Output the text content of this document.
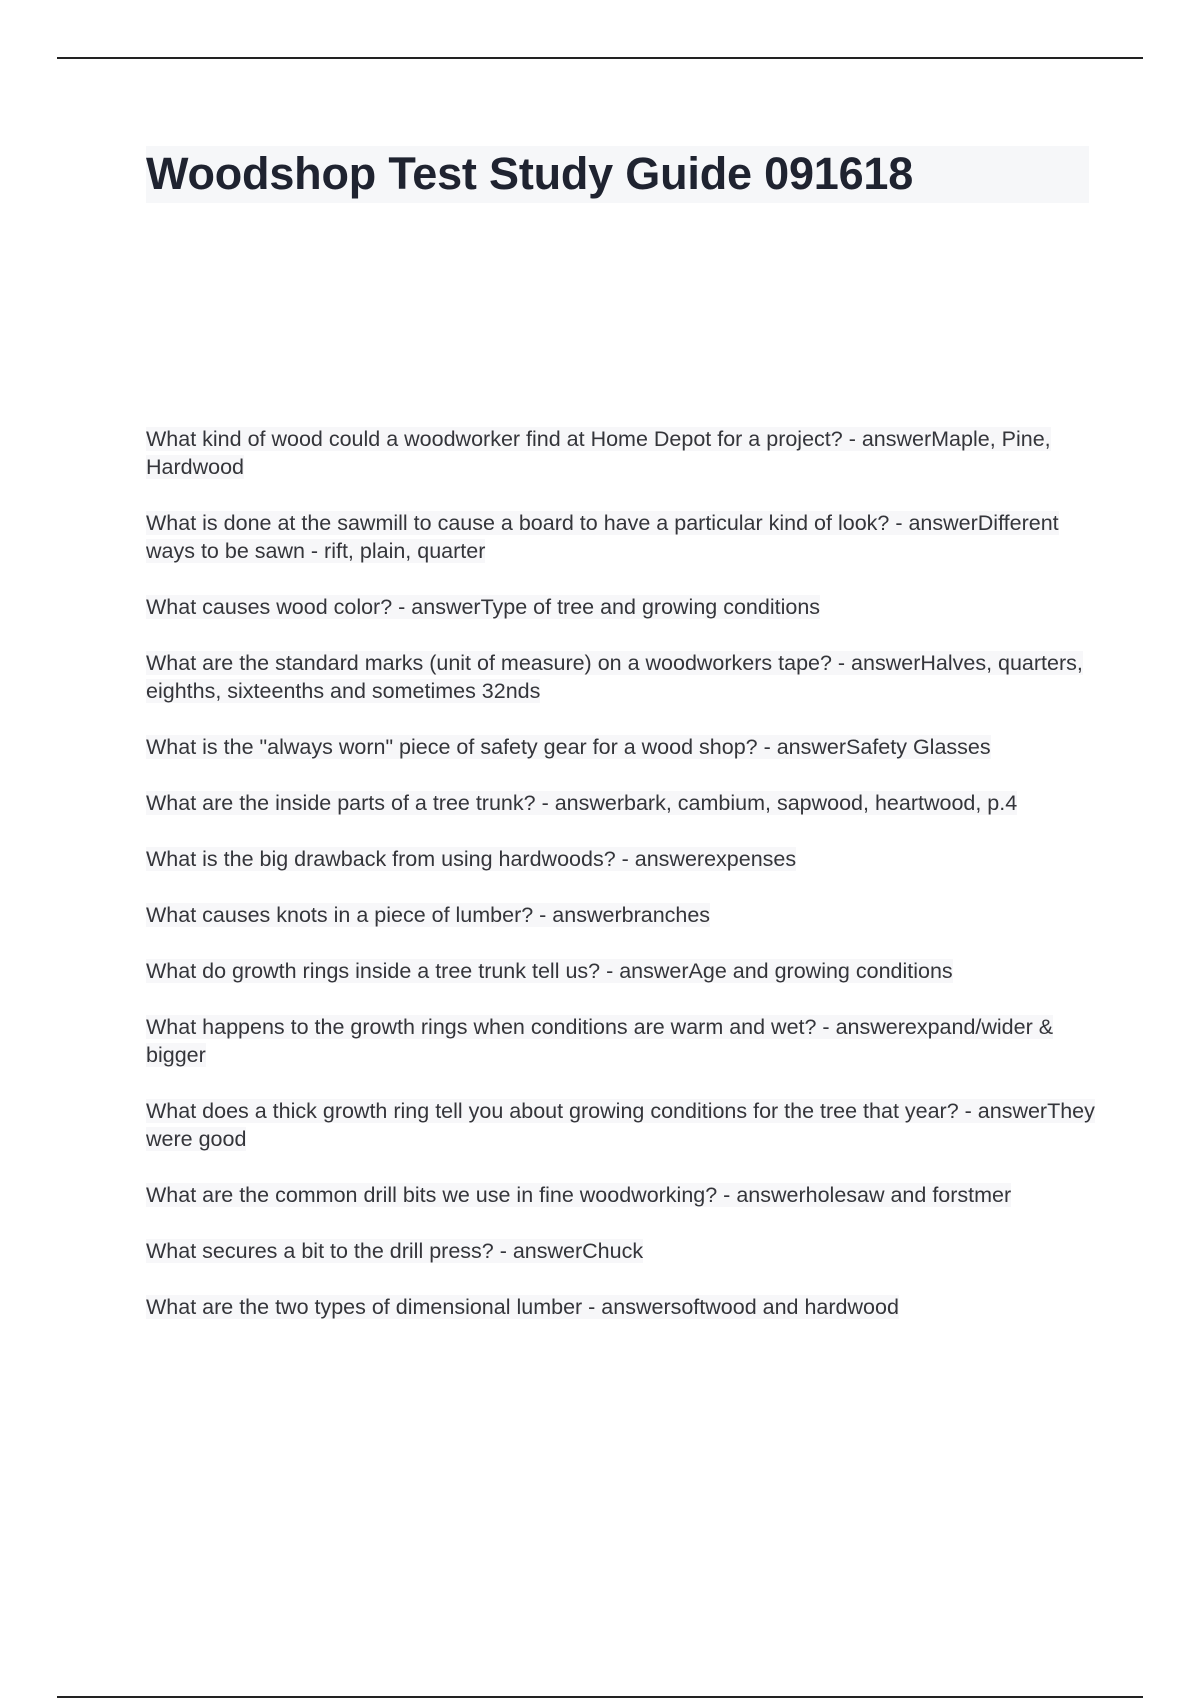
Woodshop Test Study Guide 091618

What kind of wood could a woodworker find at Home Depot for a project? - answerMaple, Pine, Hardwood

What is done at the sawmill to cause a board to have a particular kind of look? - answerDifferent ways to be sawn - rift, plain, quarter

What causes wood color? - answerType of tree and growing conditions

What are the standard marks (unit of measure) on a woodworkers tape? - answerHalves, quarters, eighths, sixteenths and sometimes 32nds

What is the "always worn" piece of safety gear for a wood shop? - answerSafety Glasses

What are the inside parts of a tree trunk? - answerbark, cambium, sapwood, heartwood, p.4

What is the big drawback from using hardwoods? - answerexpenses

What causes knots in a piece of lumber? - answerbranches

What do growth rings inside a tree trunk tell us? - answerAge and growing conditions

What happens to the growth rings when conditions are warm and wet? - answerexpand/wider & bigger

What does a thick growth ring tell you about growing conditions for the tree that year? - answerThey were good

What are the common drill bits we use in fine woodworking? - answerholesaw and forstmer

What secures a bit to the drill press? - answerChuck

What are the two types of dimensional lumber - answersoftwood and hardwood
